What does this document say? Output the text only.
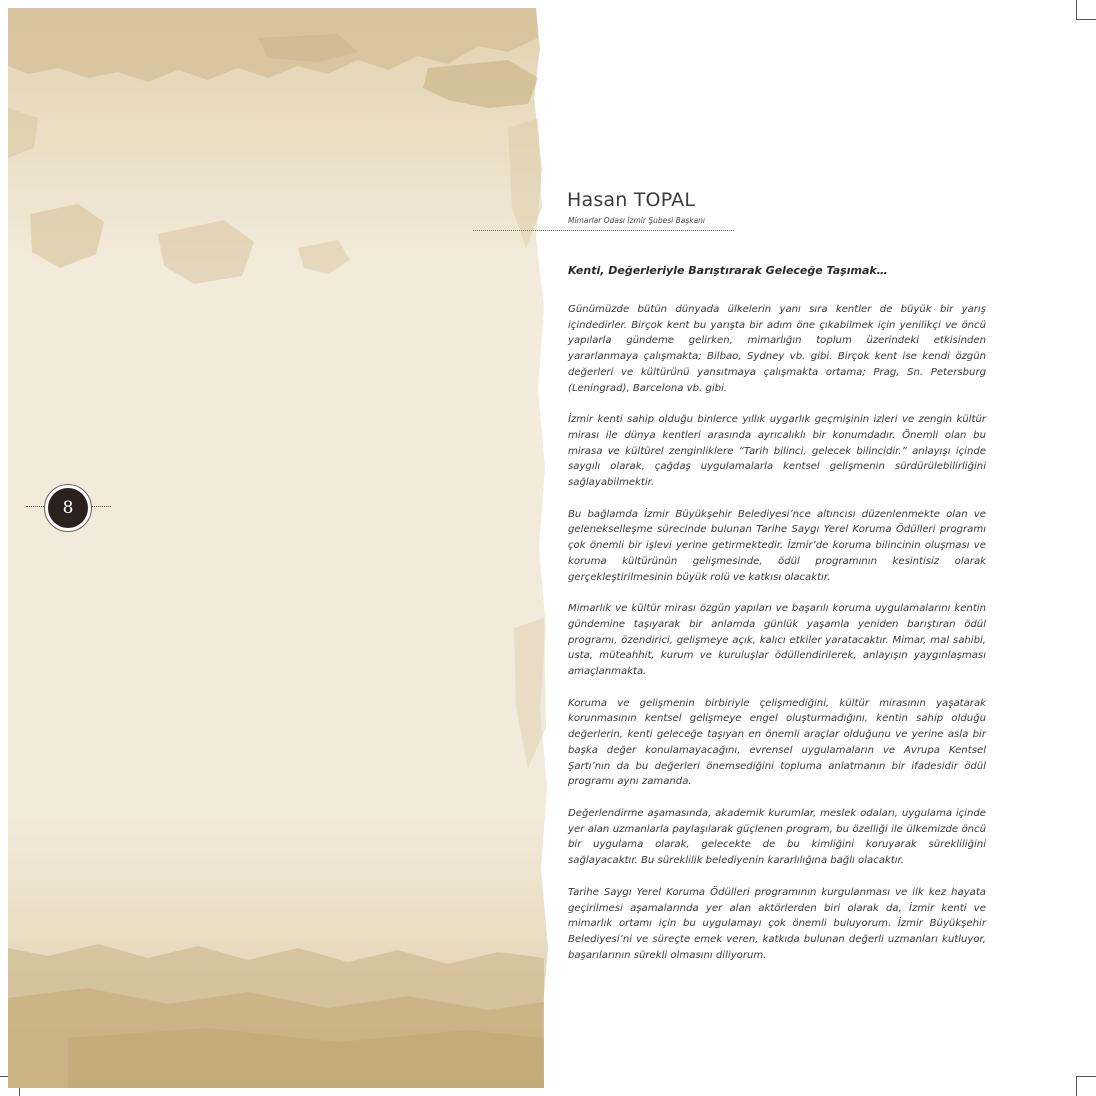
8
Hasan TOPAL
Mimarlar Odası İzmir Şubesi Başkanı
Kenti, Değerleriyle Barıştırarak Geleceğe Taşımak…

Günümüzde bütün dünyada ülkelerin yanı sıra kentler de büyük bir yarış içindedirler. Birçok kent bu yarışta bir adım öne çıkabilmek için yenilikçi ve öncü yapılarla gündeme gelirken, mimarlığın toplum üzerindeki etkisinden yararlanmaya çalışmakta; Bilbao, Sydney vb. gibi. Birçok kent ise kendi özgün değerleri ve kültürünü yansıtmaya çalışmakta ortama; Prag, Sn. Petersburg (Leningrad), Barcelona vb. gibi.

İzmir kenti sahip olduğu binlerce yıllık uygarlık geçmişinin izleri ve zengin kültür mirası ile dünya kentleri arasında ayrıcalıklı bir konumdadır. Önemli olan bu mirasa ve kültürel zenginliklere “Tarih bilinci, gelecek bilincidir.” anlayışı içinde saygılı olarak, çağdaş uygulamalarla kentsel gelişmenin sürdürülebilirliğini sağlayabilmektir.

Bu bağlamda İzmir Büyükşehir Belediyesi’nce altıncısı düzenlenmekte olan ve gelenekselleşme sürecinde bulunan Tarihe Saygı Yerel Koruma Ödülleri programı çok önemli bir işlevi yerine getirmektedir. İzmir’de koruma bilincinin oluşması ve koruma kültürünün gelişmesinde, ödül programının kesintisiz olarak gerçekleştirilmesinin büyük rolü ve katkısı olacaktır.

Mimarlık ve kültür mirası özgün yapıları ve başarılı koruma uygulamalarını kentin gündemine taşıyarak bir anlamda günlük yaşamla yeniden barıştıran ödül programı, özendirici, gelişmeye açık, kalıcı etkiler yaratacaktır. Mimar, mal sahibi, usta, müteahhit, kurum ve kuruluşlar ödüllendirilerek, anlayışın yaygınlaşması amaçlanmakta.

Koruma ve gelişmenin birbiriyle çelişmediğini, kültür mirasının yaşatarak korunmasının kentsel gelişmeye engel oluşturmadığını, kentin sahip olduğu değerlerin, kenti geleceğe taşıyan en önemli araçlar olduğunu ve yerine asla bir başka değer konulamayacağını, evrensel uygulamaların ve Avrupa Kentsel Şartı’nın da bu değerleri önemsediğini topluma anlatmanın bir ifadesidir ödül programı aynı zamanda.

Değerlendirme aşamasında, akademik kurumlar, meslek odaları, uygulama içinde yer alan uzmanlarla paylaşılarak güçlenen program, bu özelliği ile ülkemizde öncü bir uygulama olarak, gelecekte de bu kimliğini koruyarak sürekliliğini sağlayacaktır. Bu süreklilik belediyenin kararlılığına bağlı olacaktır.

Tarihe Saygı Yerel Koruma Ödülleri programının kurgulanması ve ilk kez hayata geçirilmesi aşamalarında yer alan aktörlerden biri olarak da, İzmir kenti ve mimarlık ortamı için bu uygulamayı çok önemli buluyorum. İzmir Büyükşehir Belediyesi’ni ve süreçte emek veren, katkıda bulunan değerli uzmanları kutluyor, başarılarının sürekli olmasını diliyorum.
